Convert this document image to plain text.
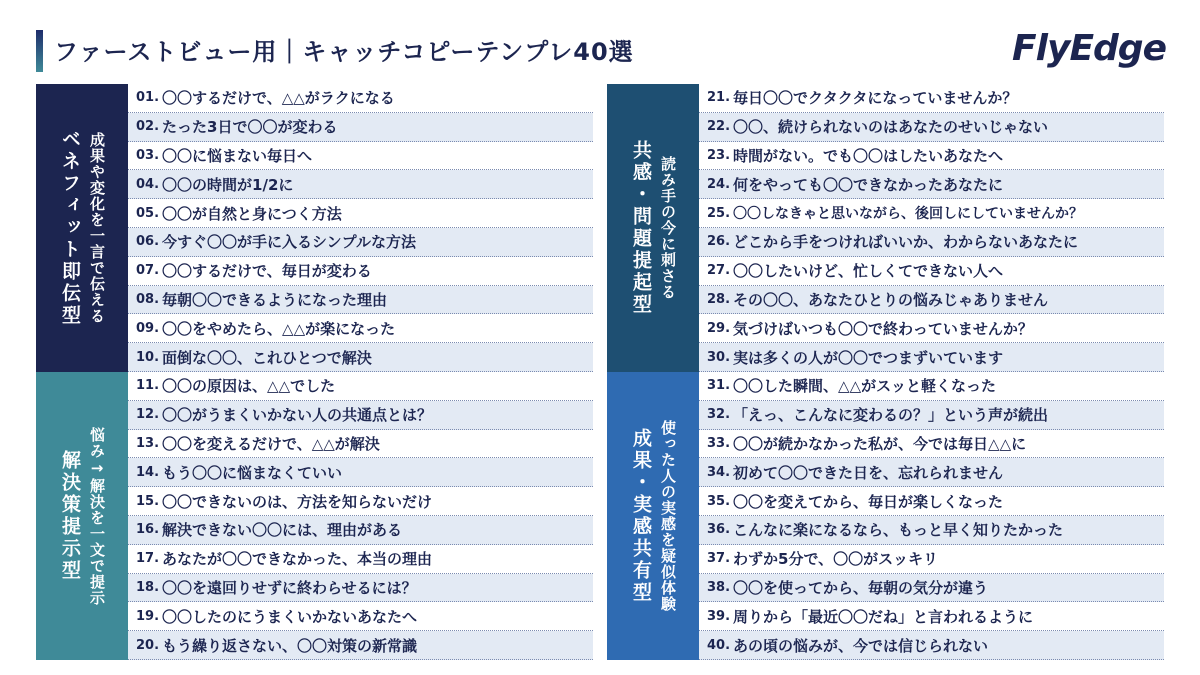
ファーストビュー用｜キャッチコピーテンプレ40選	FlyEdge
成果や変化を一言で伝える
ベネフィット即伝型
01. 〇〇するだけで、△△がラクになる
02. たった3日で〇〇が変わる
03. 〇〇に悩まない毎日へ
04. 〇〇の時間が1/2に
05. 〇〇が自然と身につく方法
06. 今すぐ〇〇が手に入るシンプルな方法
07. 〇〇するだけで、毎日が変わる
08. 毎朝〇〇できるようになった理由
09. 〇〇をやめたら、△△が楽になった
10. 面倒な〇〇、これひとつで解決
悩み→解決を一文で提示
解決策提示型
11. 〇〇の原因は、△△でした
12. 〇〇がうまくいかない人の共通点とは？
13. 〇〇を変えるだけで、△△が解決
14. もう〇〇に悩まなくていい
15. 〇〇できないのは、方法を知らないだけ
16. 解決できない〇〇には、理由がある
17. あなたが〇〇できなかった、本当の理由
18. 〇〇を遠回りせずに終わらせるには？
19. 〇〇したのにうまくいかないあなたへ
20. もう繰り返さない、〇〇対策の新常識
読み手の今に刺さる
共感・問題提起型
21. 毎日〇〇でクタクタになっていませんか？
22. 〇〇、続けられないのはあなたのせいじゃない
23. 時間がない。でも〇〇はしたいあなたへ
24. 何をやっても〇〇できなかったあなたに
25. 〇〇しなきゃと思いながら、後回しにしていませんか？
26. どこから手をつければいいか、わからないあなたに
27. 〇〇したいけど、忙しくてできない人へ
28. その〇〇、あなたひとりの悩みじゃありません
29. 気づけばいつも〇〇で終わっていませんか？
30. 実は多くの人が〇〇でつまずいています
使った人の実感を疑似体験
成果・実感共有型
31. 〇〇した瞬間、△△がスッと軽くなった
32. 「えっ、こんなに変わるの？」という声が続出
33. 〇〇が続かなかった私が、今では毎日△△に
34. 初めて〇〇できた日を、忘れられません
35. 〇〇を変えてから、毎日が楽しくなった
36. こんなに楽になるなら、もっと早く知りたかった
37. わずか5分で、〇〇がスッキリ
38. 〇〇を使ってから、毎朝の気分が違う
39. 周りから「最近〇〇だね」と言われるように
40. あの頃の悩みが、今では信じられない
